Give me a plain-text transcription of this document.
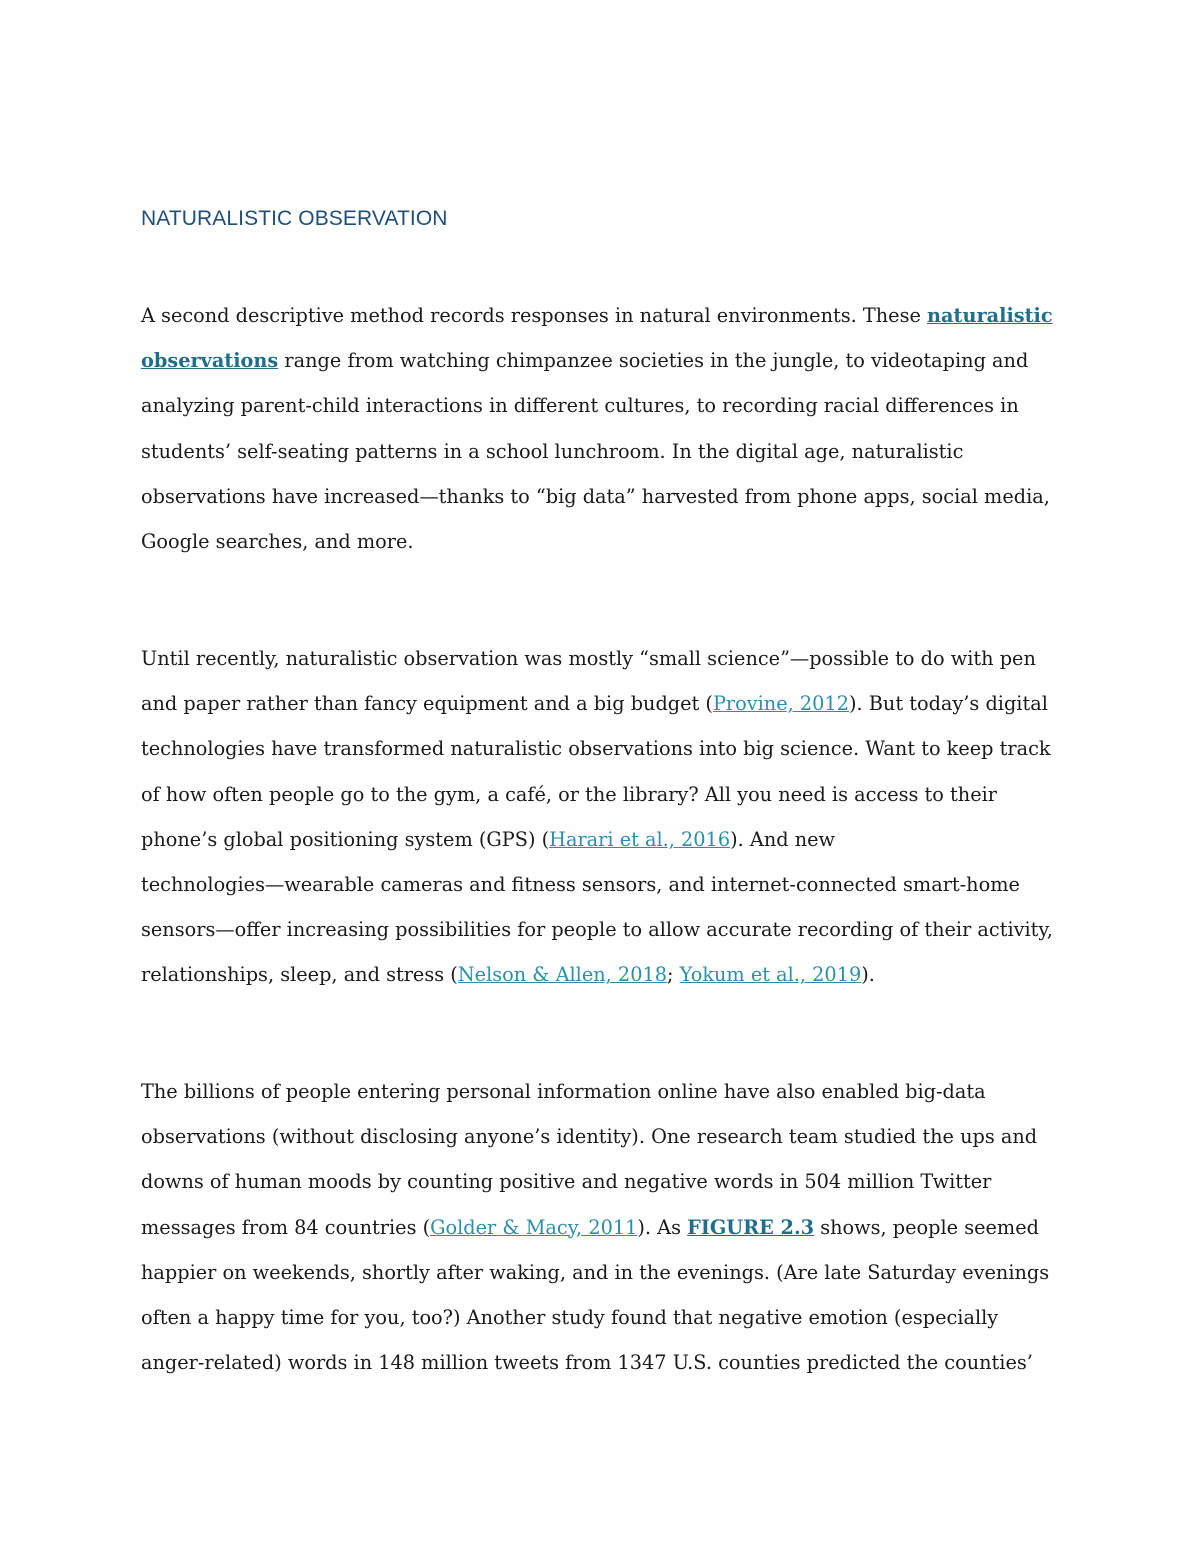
NATURALISTIC OBSERVATION
A second descriptive method records responses in natural environments. These naturalistic
observations range from watching chimpanzee societies in the jungle, to videotaping and
analyzing parent-child interactions in different cultures, to recording racial differences in
students’ self-seating patterns in a school lunchroom. In the digital age, naturalistic
observations have increased—thanks to “big data” harvested from phone apps, social media,
Google searches, and more.
Until recently, naturalistic observation was mostly “small science”—possible to do with pen
and paper rather than fancy equipment and a big budget (Provine, 2012). But today’s digital
technologies have transformed naturalistic observations into big science. Want to keep track
of how often people go to the gym, a café, or the library? All you need is access to their
phone’s global positioning system (GPS) (Harari et al., 2016). And new
technologies—wearable cameras and fitness sensors, and internet-connected smart-home
sensors—offer increasing possibilities for people to allow accurate recording of their activity,
relationships, sleep, and stress (Nelson & Allen, 2018; Yokum et al., 2019).
The billions of people entering personal information online have also enabled big-data
observations (without disclosing anyone’s identity). One research team studied the ups and
downs of human moods by counting positive and negative words in 504 million Twitter
messages from 84 countries (Golder & Macy, 2011). As FIGURE 2.3 shows, people seemed
happier on weekends, shortly after waking, and in the evenings. (Are late Saturday evenings
often a happy time for you, too?) Another study found that negative emotion (especially
anger-related) words in 148 million tweets from 1347 U.S. counties predicted the counties’
